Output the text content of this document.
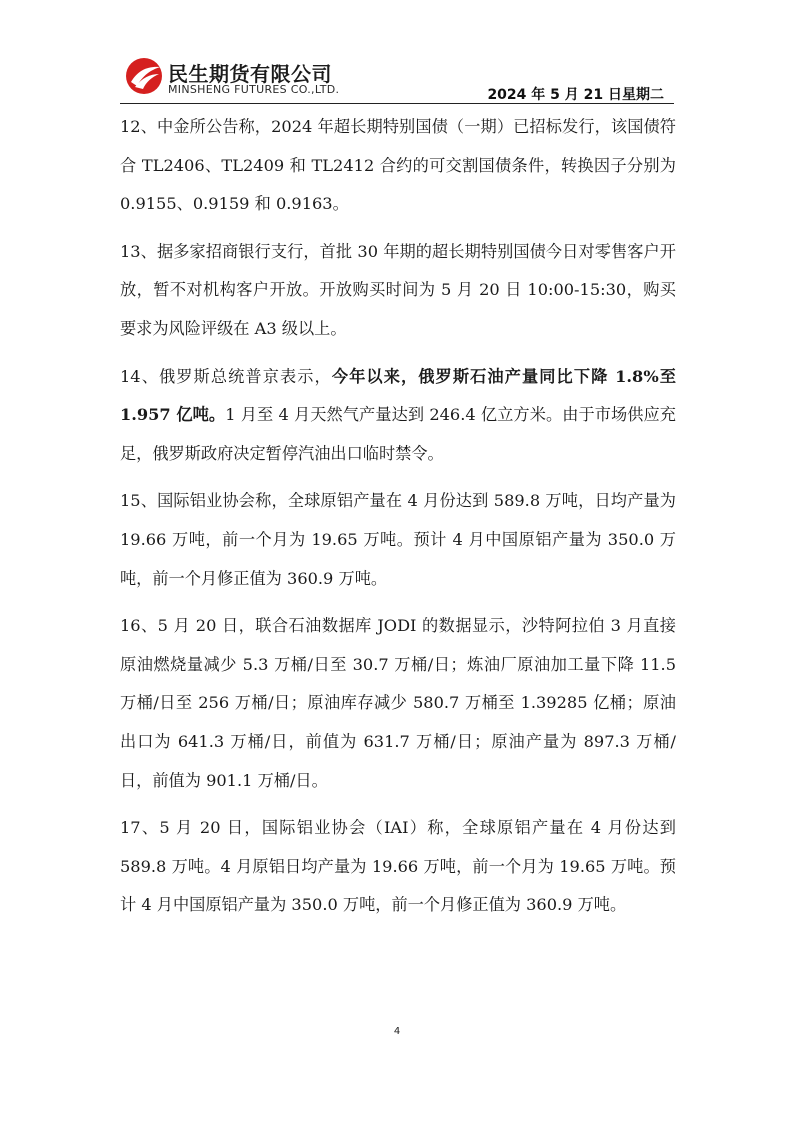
民生期货有限公司
MINSHENG FUTURES CO.,LTD.	2024 年 5 月 21 日星期二

12、中金所公告称，2024 年超长期特别国债（一期）已招标发行，该国债符合 TL2406、TL2409 和 TL2412 合约的可交割国债条件，转换因子分别为 0.9155、0.9159 和 0.9163。

13、据多家招商银行支行，首批 30 年期的超长期特别国债今日对零售客户开放，暂不对机构客户开放。开放购买时间为 5 月 20 日 10:00-15:30，购买要求为风险评级在 A3 级以上。

14、俄罗斯总统普京表示，今年以来，俄罗斯石油产量同比下降 1.8%至 1.957 亿吨。1 月至 4 月天然气产量达到 246.4 亿立方米。由于市场供应充足，俄罗斯政府决定暂停汽油出口临时禁令。

15、国际铝业协会称，全球原铝产量在 4 月份达到 589.8 万吨，日均产量为 19.66 万吨，前一个月为 19.65 万吨。预计 4 月中国原铝产量为 350.0 万吨，前一个月修正值为 360.9 万吨。

16、5 月 20 日，联合石油数据库 JODI 的数据显示，沙特阿拉伯 3 月直接原油燃烧量减少 5.3 万桶/日至 30.7 万桶/日；炼油厂原油加工量下降 11.5 万桶/日至 256 万桶/日；原油库存减少 580.7 万桶至 1.39285 亿桶；原油出口为 641.3 万桶/日，前值为 631.7 万桶/日；原油产量为 897.3 万桶/日，前值为 901.1 万桶/日。

17、5 月 20 日，国际铝业协会（IAI）称，全球原铝产量在 4 月份达到 589.8 万吨。4 月原铝日均产量为 19.66 万吨，前一个月为 19.65 万吨。预计 4 月中国原铝产量为 350.0 万吨，前一个月修正值为 360.9 万吨。

4
